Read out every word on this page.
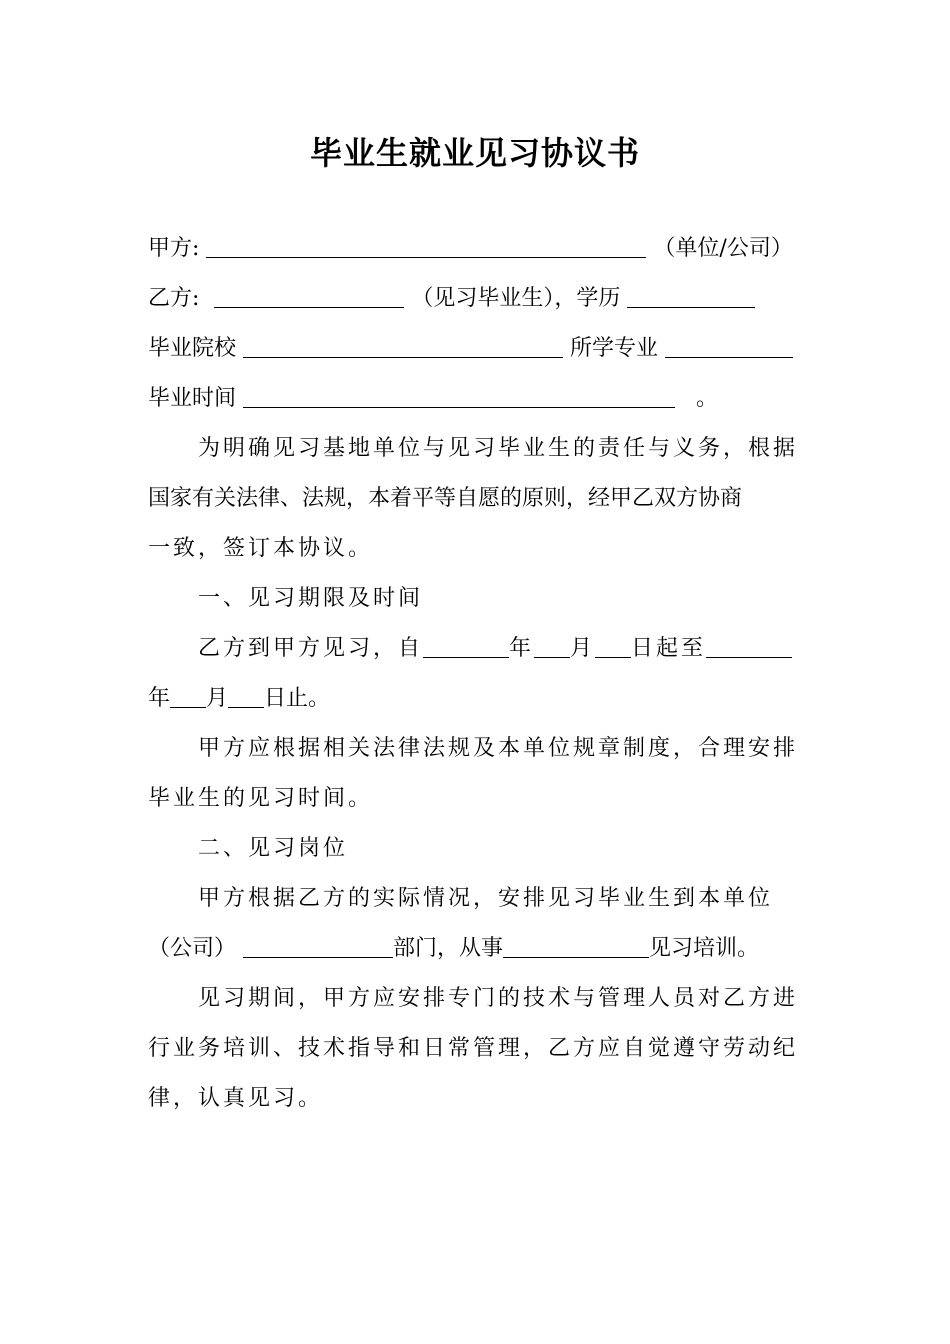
毕业生就业见习协议书
甲方:	（单位/公司）
乙方:	（见习毕业生），学历
毕业院校	所学专业
毕业时间	。
为明确见习基地单位与见习毕业生的责任与义务，根据
国家有关法律、法规，本着平等自愿的原则，经甲乙双方协商
一致，签订本协议。
一、见习期限及时间
乙方到甲方见习，自	年 月 日起至
年 月 日止。
甲方应根据相关法律法规及本单位规章制度，合理安排
毕业生的见习时间。
二、见习岗位
甲方根据乙方的实际情况，安排见习毕业生到本单位
（公司）	部门，从事	见习培训。
见习期间，甲方应安排专门的技术与管理人员对乙方进
行业务培训、技术指导和日常管理，乙方应自觉遵守劳动纪
律，认真见习。
